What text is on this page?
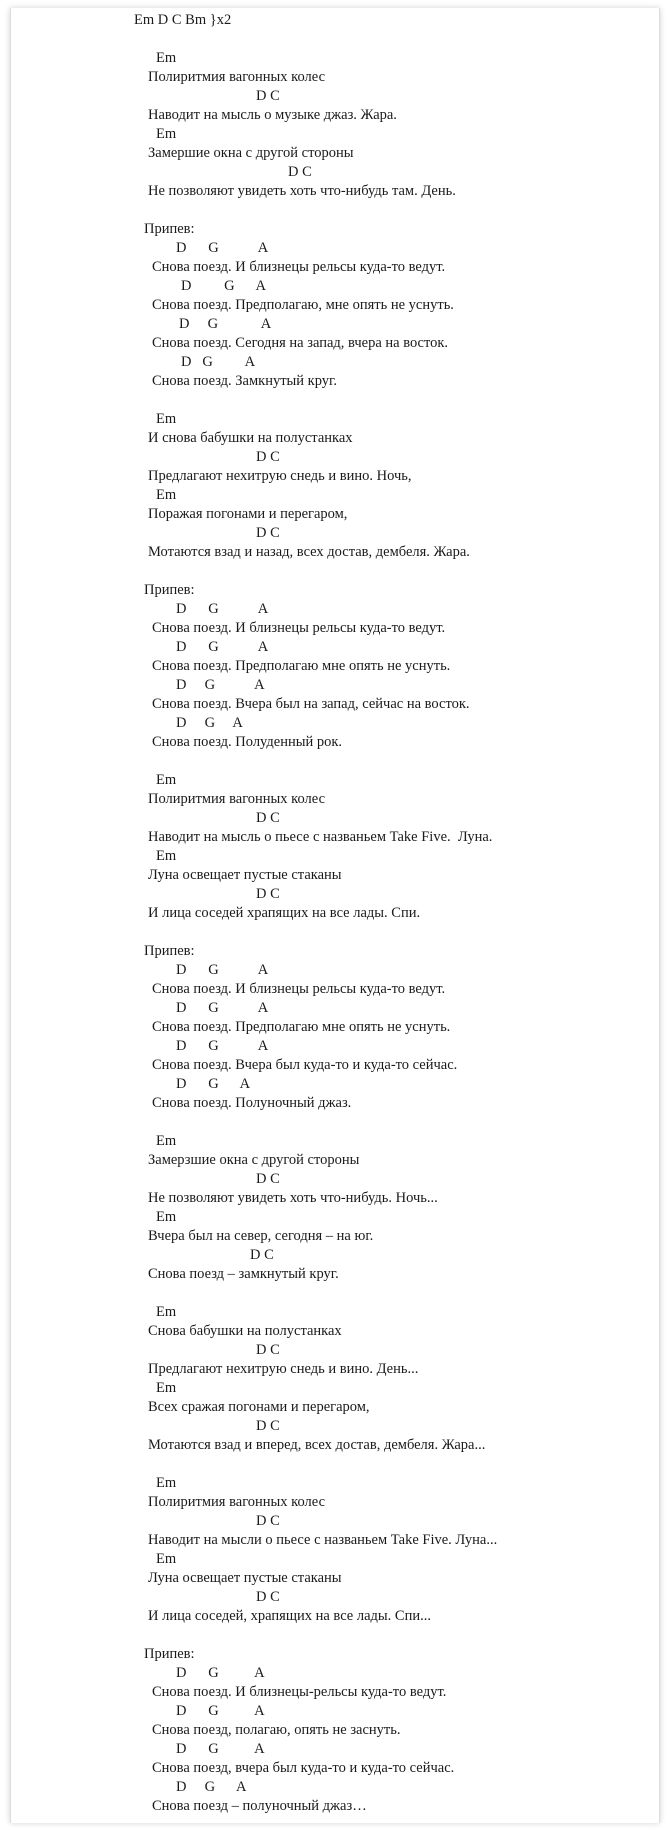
Em D C Bm }x2
Em
Полиритмия вагонных колес
D C
Наводит на мысль о музыке джаз. Жара.
Em
Замершие окна с другой стороны
D C
Не позволяют увидеть хоть что-нибудь там. День.
Припев:
D      G           A
Снова поезд. И близнецы рельсы куда-то ведут.
D         G      A
Снова поезд. Предполагаю, мне опять не уснуть.
D     G            A
Снова поезд. Сегодня на запад, вчера на восток.
D   G         A
Снова поезд. Замкнутый круг.
Em
И снова бабушки на полустанках
D C
Предлагают нехитрую снедь и вино. Ночь,
Em
Поражая погонами и перегаром,
D C
Мотаются взад и назад, всех достав, дембеля. Жара.
Припев:
D      G           A
Снова поезд. И близнецы рельсы куда-то ведут.
D      G           A
Снова поезд. Предполагаю мне опять не уснуть.
D     G           A
Снова поезд. Вчера был на запад, сейчас на восток.
D     G     A
Снова поезд. Полуденный рок.
Em
Полиритмия вагонных колес
D C
Наводит на мысль о пьесе с названьем Take Five.  Луна.
Em
Луна освещает пустые стаканы
D C
И лица соседей храпящих на все лады. Спи.
Припев:
D      G           A
Снова поезд. И близнецы рельсы куда-то ведут.
D      G           A
Снова поезд. Предполагаю мне опять не уснуть.
D      G           A
Снова поезд. Вчера был куда-то и куда-то сейчас.
D      G      A
Снова поезд. Полуночный джаз.
Em
Замерзшие окна с другой стороны
D C
Не позволяют увидеть хоть что-нибудь. Ночь...
Em
Вчера был на север, сегодня – на юг.
D C
Снова поезд – замкнутый круг.
Em
Снова бабушки на полустанках
D C
Предлагают нехитрую снедь и вино. День...
Em
Всех сражая погонами и перегаром,
D C
Мотаются взад и вперед, всех достав, дембеля. Жара...
Em
Полиритмия вагонных колес
D C
Наводит на мысли о пьесе с названьем Take Five. Луна...
Em
Луна освещает пустые стаканы
D C
И лица соседей, храпящих на все лады. Спи...
Припев:
D      G          A
Снова поезд. И близнецы-рельсы куда-то ведут.
D      G          A
Снова поезд, полагаю, опять не заснуть.
D      G          A
Снова поезд, вчера был куда-то и куда-то сейчас.
D     G      A
Снова поезд – полуночный джаз…
